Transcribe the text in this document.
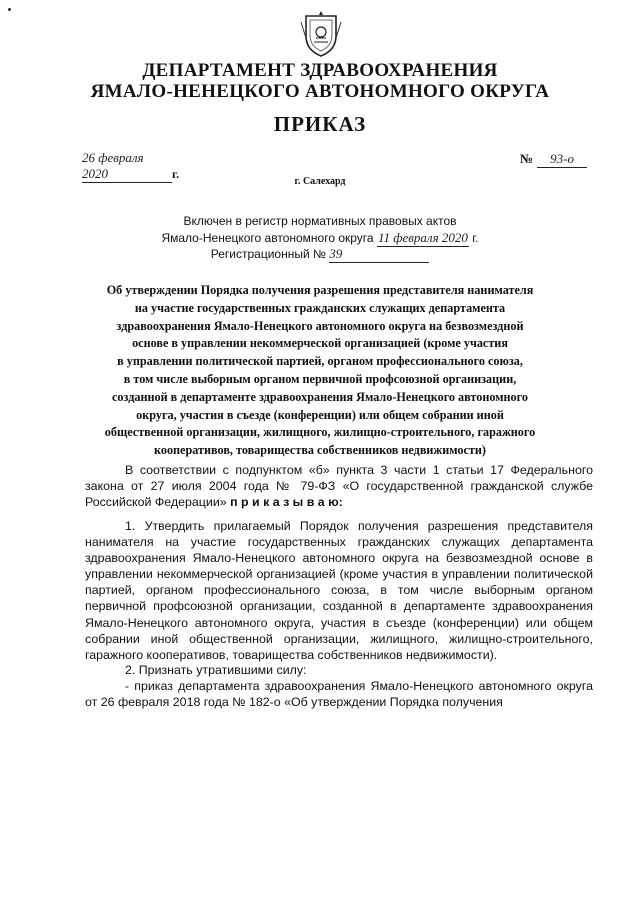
ДЕПАРТАМЕНТ ЗДРАВООХРАНЕНИЯ
ЯМАЛО-НЕНЕЦКОГО АВТОНОМНОГО ОКРУГА
ПРИКАЗ
26 февраля 2020	г.
№ 93-о
г. Салехард
Включен в регистр нормативных правовых актов
Ямало-Ненецкого автономного округа 11 февраля 2020 г.
Регистрационный № 39
Об утверждении Порядка получения разрешения представителя нанимателя
на участие государственных гражданских служащих департамента
здравоохранения Ямало-Ненецкого автономного округа на безвозмездной
основе в управлении некоммерческой организацией (кроме участия
в управлении политической партией, органом профессионального союза,
в том числе выборным органом первичной профсоюзной организации,
созданной в департаменте здравоохранения Ямало-Ненецкого автономного
округа, участия в съезде (конференции) или общем собрании иной
общественной организации, жилищного, жилищно-строительного, гаражного
кооперативов, товарищества собственников недвижимости)
В соответствии с подпунктом «б» пункта 3 части 1 статьи 17 Федерального закона от 27 июля 2004 года № 79-ФЗ «О государственной гражданской службе Российской Федерации» п р и к а з ы в а ю:
1. Утвердить прилагаемый Порядок получения разрешения представителя нанимателя на участие государственных гражданских служащих департамента здравоохранения Ямало-Ненецкого автономного округа на безвозмездной основе в управлении некоммерческой организацией (кроме участия в управлении политической партией, органом профессионального союза, в том числе выборным органом первичной профсоюзной организации, созданной в департаменте здравоохранения Ямало-Ненецкого автономного округа, участия в съезде (конференции) или общем собрании иной общественной организации, жилищного, жилищно-строительного, гаражного кооперативов, товарищества собственников недвижимости).
2. Признать утратившими силу:
- приказ департамента здравоохранения Ямало-Ненецкого автономного округа от 26 февраля 2018 года № 182-о «Об утверждении Порядка получения
